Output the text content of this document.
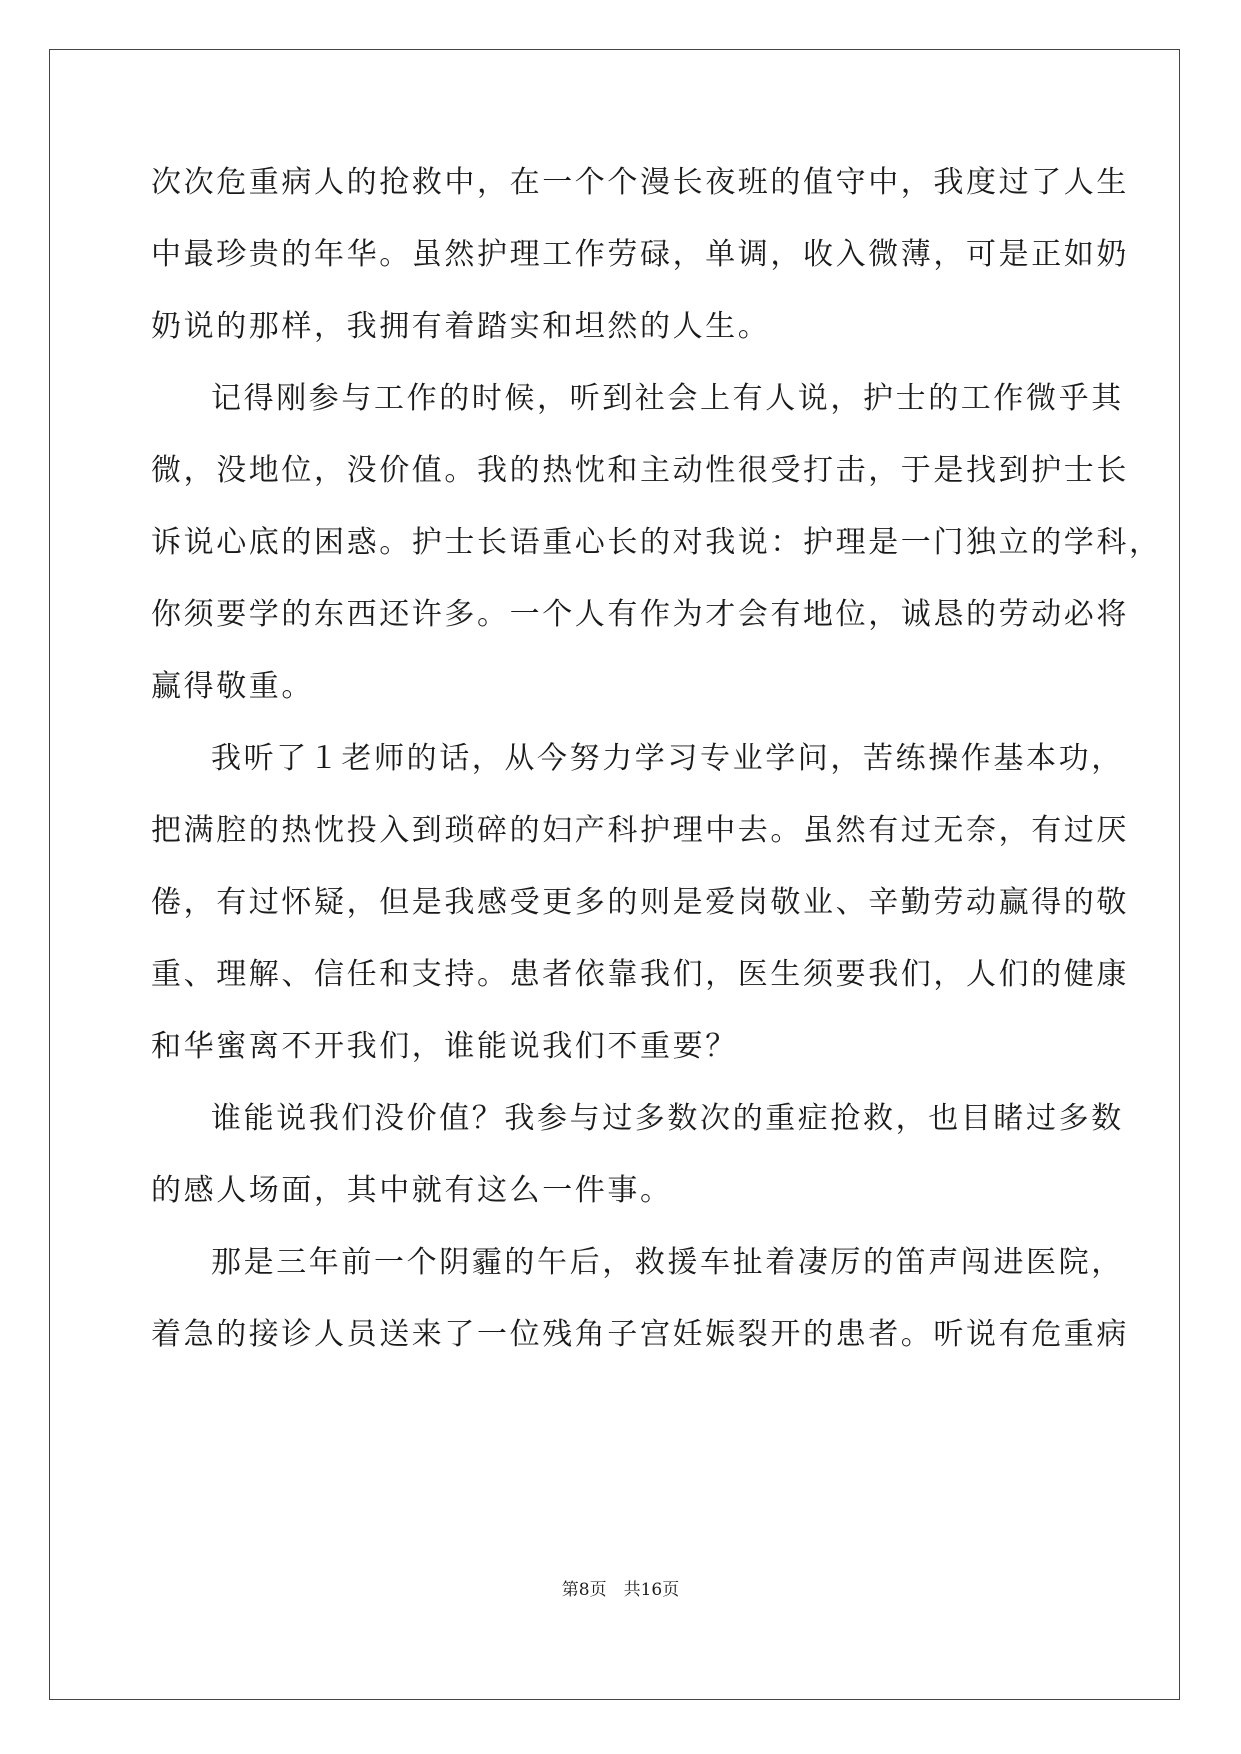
次次危重病人的抢救中，在一个个漫长夜班的值守中，我度过了人生
中最珍贵的年华。虽然护理工作劳碌，单调，收入微薄，可是正如奶
奶说的那样，我拥有着踏实和坦然的人生。
记得刚参与工作的时候，听到社会上有人说，护士的工作微乎其
微，没地位，没价值。我的热忱和主动性很受打击，于是找到护士长
诉说心底的困惑。护士长语重心长的对我说：护理是一门独立的学科，
你须要学的东西还许多。一个人有作为才会有地位，诚恳的劳动必将
赢得敬重。
我听了１老师的话，从今努力学习专业学问，苦练操作基本功，
把满腔的热忱投入到琐碎的妇产科护理中去。虽然有过无奈，有过厌
倦，有过怀疑，但是我感受更多的则是爱岗敬业、辛勤劳动赢得的敬
重、理解、信任和支持。患者依靠我们，医生须要我们，人们的健康
和华蜜离不开我们，谁能说我们不重要？
谁能说我们没价值？我参与过多数次的重症抢救，也目睹过多数
的感人场面，其中就有这么一件事。
那是三年前一个阴霾的午后，救援车扯着凄厉的笛声闯进医院，
着急的接诊人员送来了一位残角子宫妊娠裂开的患者。听说有危重病
第8页　共16页
